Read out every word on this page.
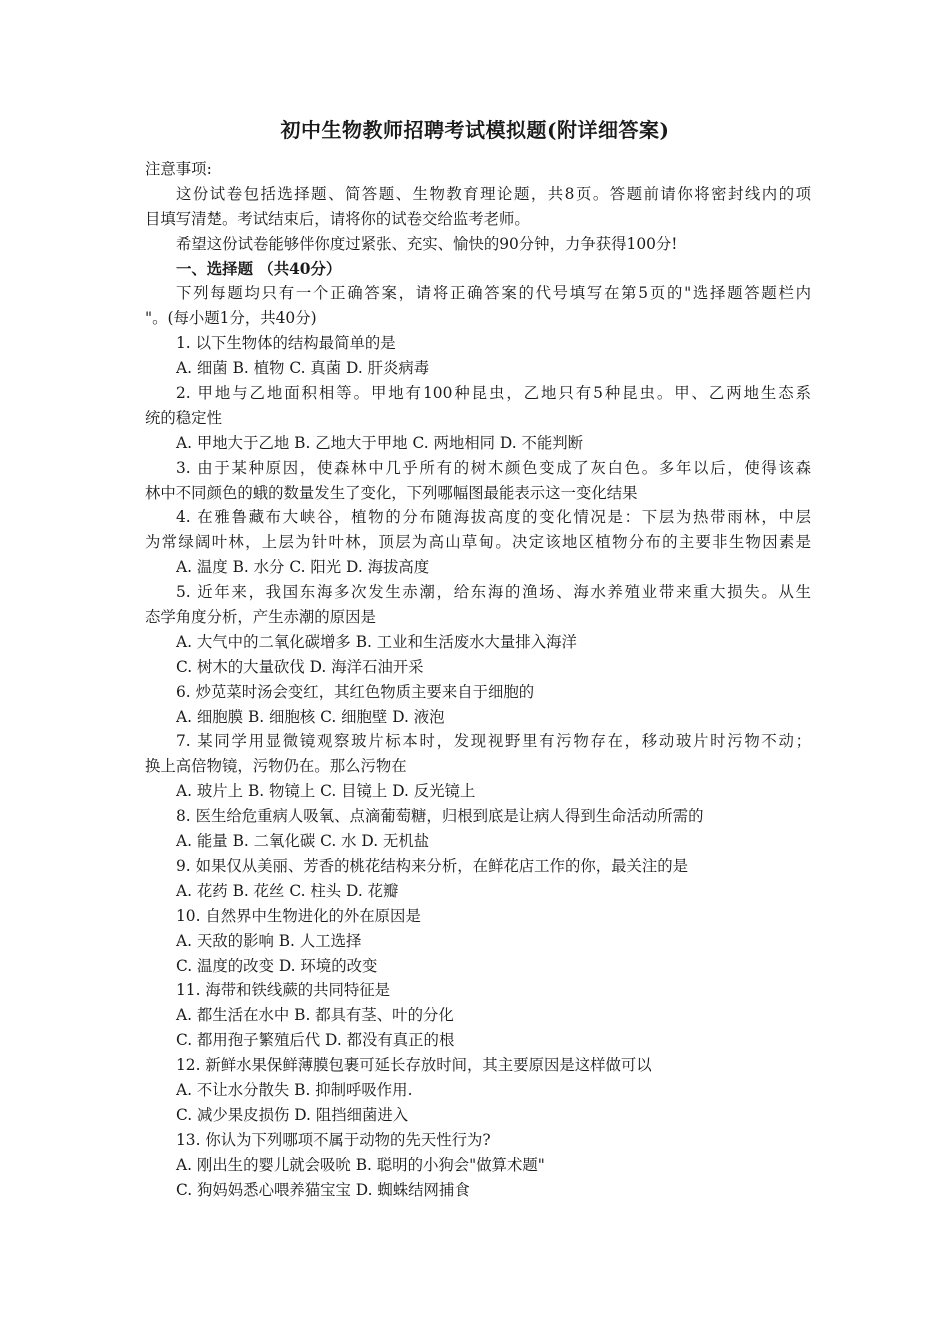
初中生物教师招聘考试模拟题(附详细答案)
注意事项:
这份试卷包括选择题、简答题、生物教育理论题，共8页。答题前请你将密封线内的项
目填写清楚。考试结束后，请将你的试卷交给监考老师。
希望这份试卷能够伴你度过紧张、充实、愉快的90分钟，力争获得100分!
一、选择题 （共40分）
下列每题均只有一个正确答案，请将正确答案的代号填写在第5页的"选择题答题栏内
"。(每小题1分，共40分)
1. 以下生物体的结构最简单的是
A. 细菌 B. 植物 C. 真菌 D. 肝炎病毒
2. 甲地与乙地面积相等。甲地有100种昆虫，乙地只有5种昆虫。甲、乙两地生态系
统的稳定性
A. 甲地大于乙地 B. 乙地大于甲地 C. 两地相同 D. 不能判断
3. 由于某种原因，使森林中几乎所有的树木颜色变成了灰白色。多年以后，使得该森
林中不同颜色的蛾的数量发生了变化，下列哪幅图最能表示这一变化结果
4. 在雅鲁藏布大峡谷，植物的分布随海拔高度的变化情况是：下层为热带雨林，中层
为常绿阔叶林，上层为针叶林，顶层为高山草甸。决定该地区植物分布的主要非生物因素是
A. 温度 B. 水分 C. 阳光 D. 海拔高度
5. 近年来，我国东海多次发生赤潮，给东海的渔场、海水养殖业带来重大损失。从生
态学角度分析，产生赤潮的原因是
A. 大气中的二氧化碳增多 B. 工业和生活废水大量排入海洋
C. 树木的大量砍伐 D. 海洋石油开采
6. 炒苋菜时汤会变红，其红色物质主要来自于细胞的
A. 细胞膜 B. 细胞核 C. 细胞壁 D. 液泡
7. 某同学用显微镜观察玻片标本时，发现视野里有污物存在，移动玻片时污物不动；
换上高倍物镜，污物仍在。那么污物在
A. 玻片上 B. 物镜上 C. 目镜上 D. 反光镜上
8. 医生给危重病人吸氧、点滴葡萄糖，归根到底是让病人得到生命活动所需的
A. 能量 B. 二氧化碳 C. 水 D. 无机盐
9. 如果仅从美丽、芳香的桃花结构来分析，在鲜花店工作的你，最关注的是
A. 花药 B. 花丝 C. 柱头 D. 花瓣
10. 自然界中生物进化的外在原因是
A. 天敌的影响 B. 人工选择
C. 温度的改变 D. 环境的改变
11. 海带和铁线蕨的共同特征是
A. 都生活在水中 B. 都具有茎、叶的分化
C. 都用孢子繁殖后代 D. 都没有真正的根
12. 新鲜水果保鲜薄膜包裹可延长存放时间，其主要原因是这样做可以
A. 不让水分散失 B. 抑制呼吸作用.
C. 减少果皮损伤 D. 阻挡细菌进入
13. 你认为下列哪项不属于动物的先天性行为?
A. 刚出生的婴儿就会吸吮 B. 聪明的小狗会"做算术题"
C. 狗妈妈悉心喂养猫宝宝 D. 蜘蛛结网捕食
